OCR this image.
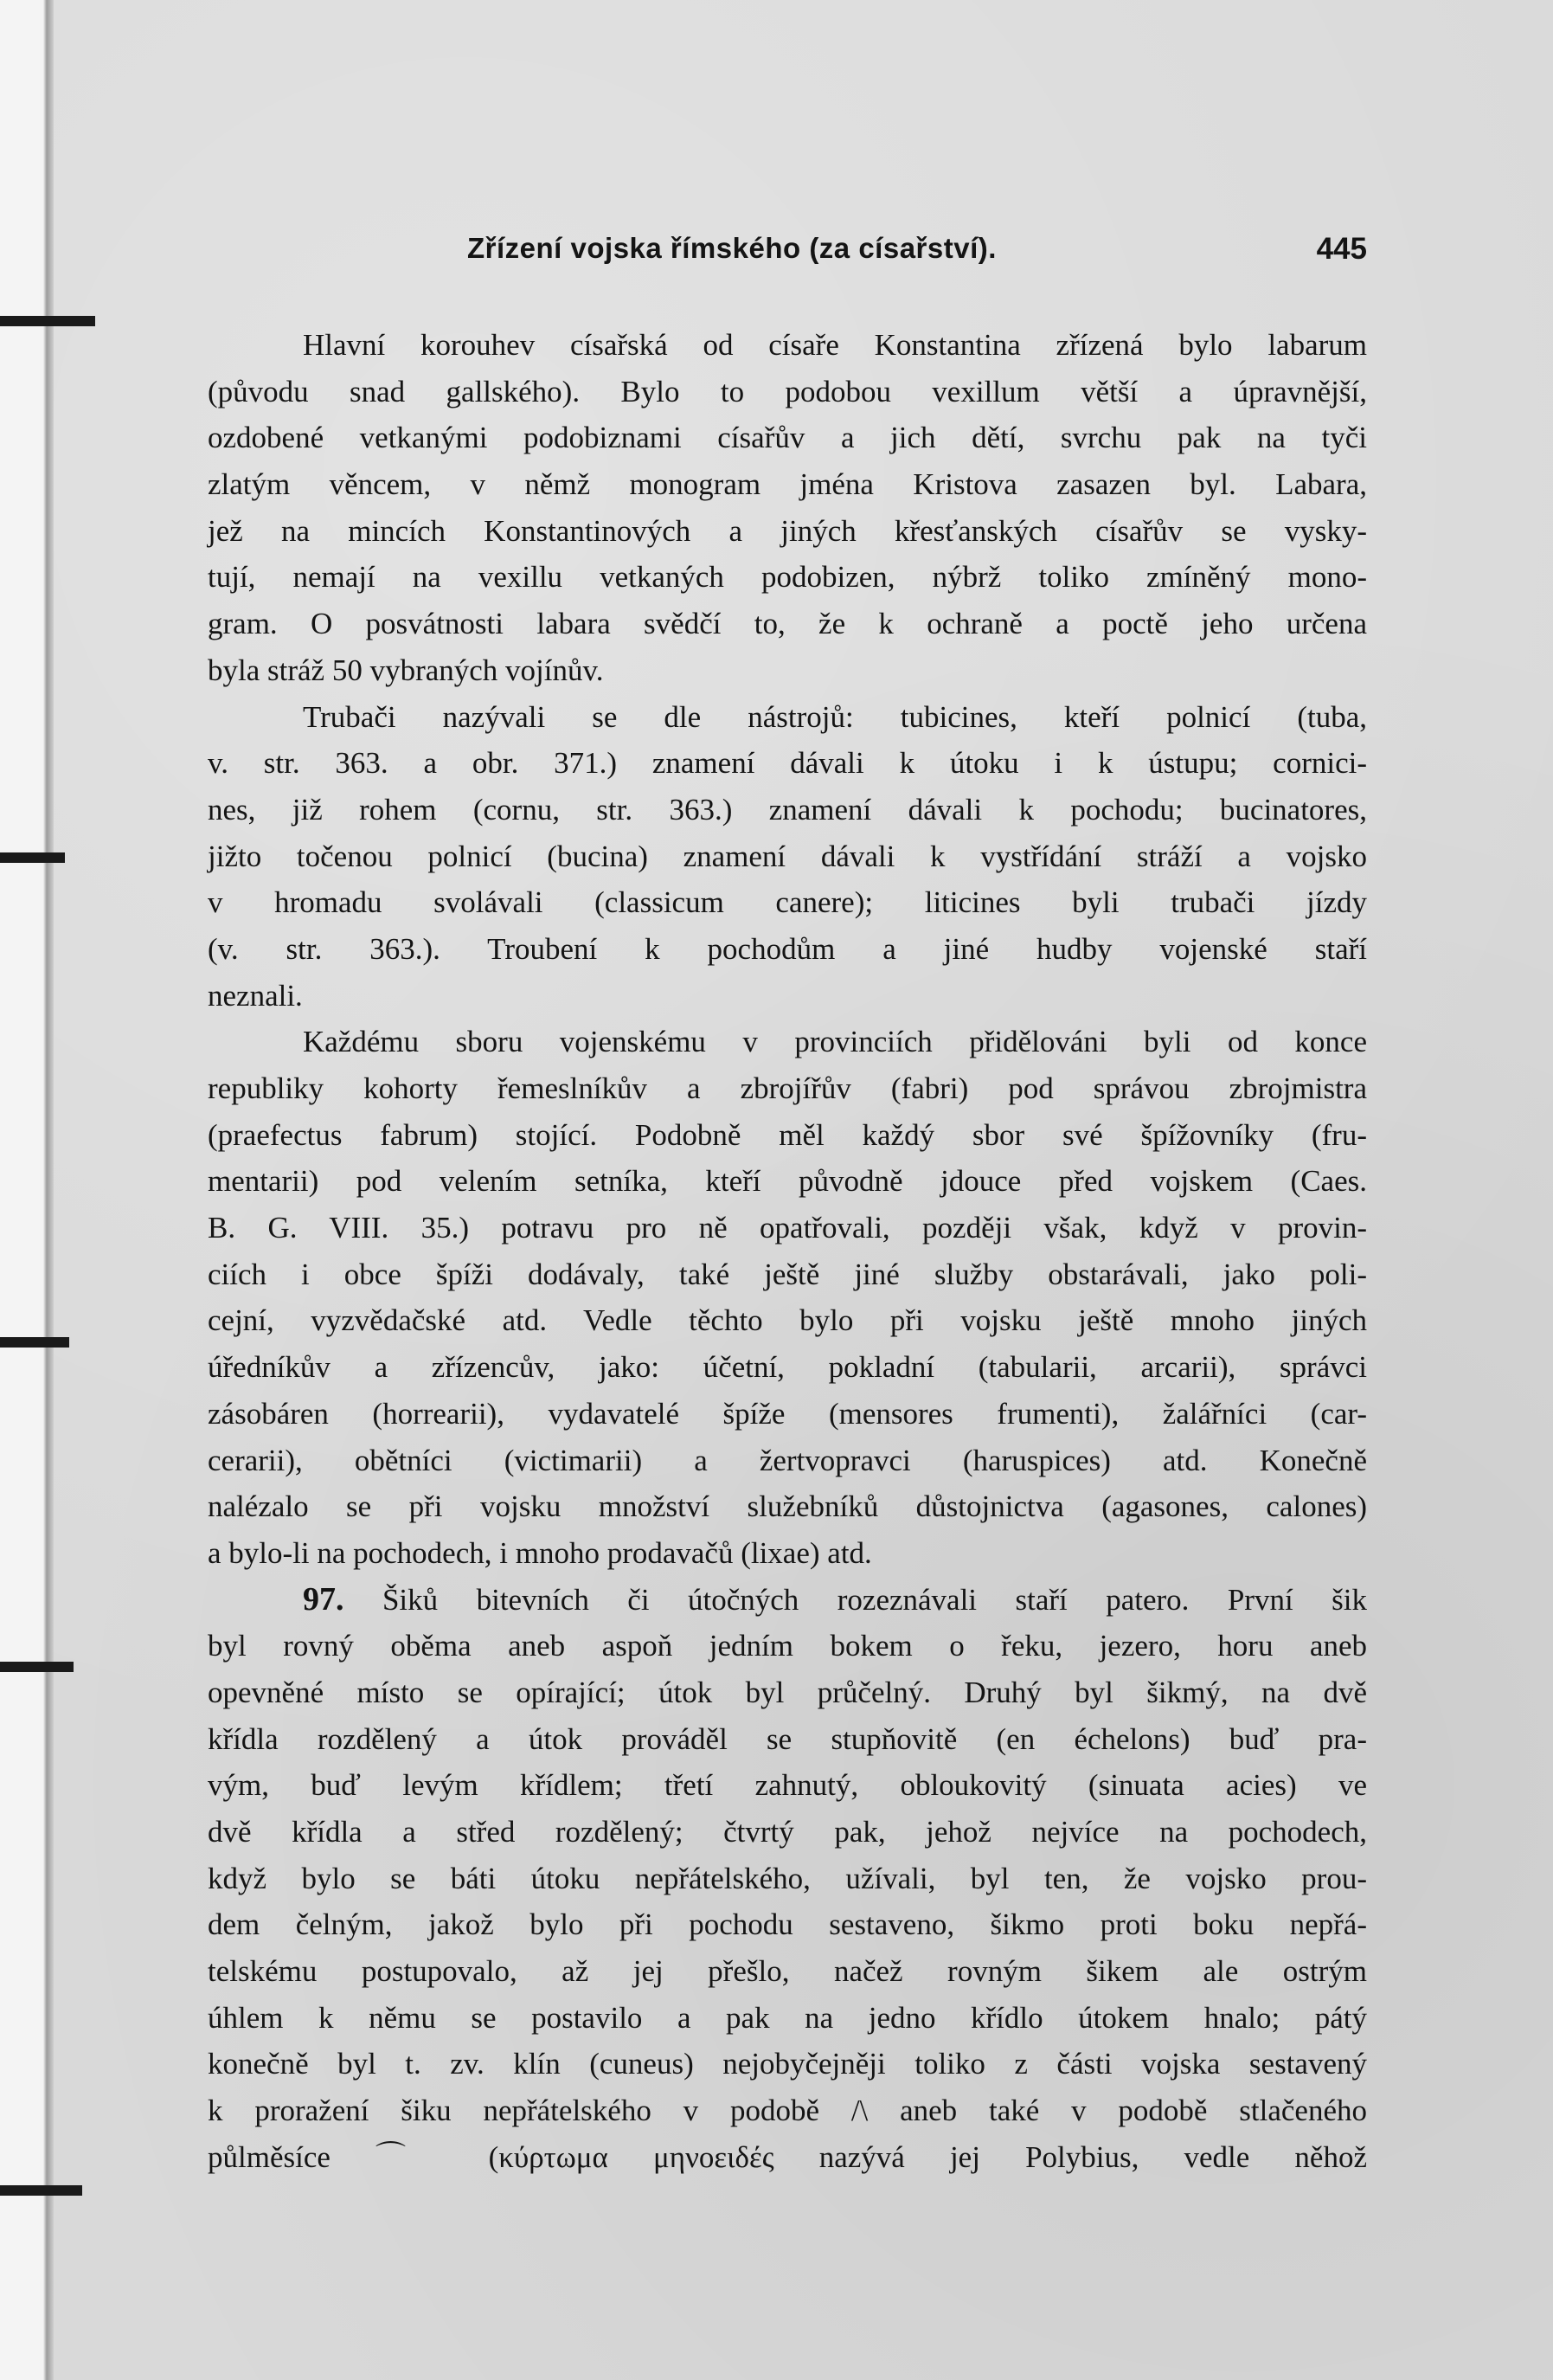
Zřízení vojska římského (za císařství).	445
Hlavní korouhev císařská od císaře Konstantina zřízená bylo labarum
(původu snad gallského). Bylo to podobou vexillum větší a úpravnější,
ozdobené vetkanými podobiznami císařův a jich dětí, svrchu pak na tyči
zlatým věncem, v němž monogram jména Kristova zasazen byl. Labara,
jež na mincích Konstantinových a jiných křesťanských císařův se vysky-
tují, nemají na vexillu vetkaných podobizen, nýbrž toliko zmíněný mono-
gram. O posvátnosti labara svědčí to, že k ochraně a poctě jeho určena
byla stráž 50 vybraných vojínův.
Trubači nazývali se dle nástrojů: tubicines, kteří polnicí (tuba,
v. str. 363. a obr. 371.) znamení dávali k útoku i k ústupu; cornici-
nes, již rohem (cornu, str. 363.) znamení dávali k pochodu; bucinatores,
jižto točenou polnicí (bucina) znamení dávali k vystřídání stráží a vojsko
v hromadu svolávali (classicum canere); liticines byli trubači jízdy
(v. str. 363.). Troubení k pochodům a jiné hudby vojenské staří
neznali.
Každému sboru vojenskému v provinciích přidělováni byli od konce
republiky kohorty řemeslníkův a zbrojířův (fabri) pod správou zbrojmistra
(praefectus fabrum) stojící. Podobně měl každý sbor své špížovníky (fru-
mentarii) pod velením setníka, kteří původně jdouce před vojskem (Caes.
B. G. VIII. 35.) potravu pro ně opatřovali, později však, když v provin-
ciích i obce špíži dodávaly, také ještě jiné služby obstarávali, jako poli-
cejní, vyzvědačské atd. Vedle těchto bylo při vojsku ještě mnoho jiných
úředníkův a zřízencův, jako: účetní, pokladní (tabularii, arcarii), správci
zásobáren (horrearii), vydavatelé špíže (mensores frumenti), žalářníci (car-
cerarii), obětníci (victimarii) a žertvopravci (haruspices) atd. Konečně
nalézalo se při vojsku množství služebníků důstojnictva (agasones, calones)
a bylo-li na pochodech, i mnoho prodavačů (lixae) atd.
97. Šiků bitevních či útočných rozeznávali staří patero. První šik
byl rovný oběma aneb aspoň jedním bokem o řeku, jezero, horu aneb
opevněné místo se opírající; útok byl průčelný. Druhý byl šikmý, na dvě
křídla rozdělený a útok prováděl se stupňovitě (en échelons) buď pra-
vým, buď levým křídlem; třetí zahnutý, obloukovitý (sinuata acies) ve
dvě křídla a střed rozdělený; čtvrtý pak, jehož nejvíce na pochodech,
když bylo se báti útoku nepřátelského, užívali, byl ten, že vojsko prou-
dem čelným, jakož bylo při pochodu sestaveno, šikmo proti boku nepřá-
telskému postupovalo, až jej přešlo, načež rovným šikem ale ostrým
úhlem k němu se postavilo a pak na jedno křídlo útokem hnalo; pátý
konečně byl t. zv. klín (cuneus) nejobyčejněji toliko z části vojska sestavený
k proražení šiku nepřátelského v podobě /\ aneb také v podobě stlačeného
půlměsíce ⌒ (κύρτωμα μηνοειδές nazývá jej Polybius, vedle něhož
